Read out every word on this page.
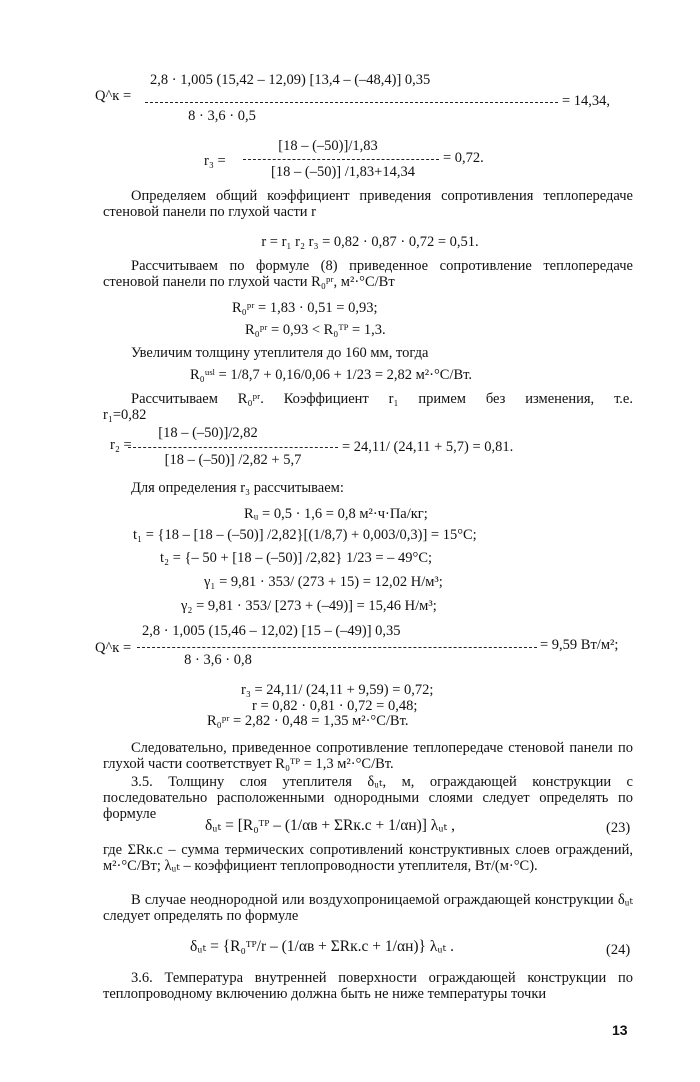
Q^к =
2,8 · 1,005 (15,42 – 12,09) [13,4 – (–48,4)] 0,35
8 · 3,6 · 0,5
= 14,34,
r₃ =
[18 – (–50)]/1,83
[18 – (–50)] /1,83+14,34
= 0,72.
Определяем общий коэффициент приведения сопротивления теплопередаче стеновой панели по глухой части r
r = r₁ r₂ r₃ = 0,82 · 0,87 · 0,72 = 0,51.
Рассчитываем по формуле (8) приведенное сопротивление теплопередаче стеновой панели по глухой части R₀ᵖʳ, м²·°С/Вт
R₀ᵖʳ = 1,83 · 0,51 = 0,93;
R₀ᵖʳ = 0,93 < R₀ᵀᴾ = 1,3.
Увеличим толщину утеплителя до 160 мм, тогда
R₀ᵘˢˡ = 1/8,7 + 0,16/0,06 + 1/23 = 2,82 м²·°С/Вт.
Рассчитываем R₀ᵖʳ. Коэффициент r₁ примем без изменения, т.е.
r₁=0,82
r₂ =
[18 – (–50)]/2,82
[18 – (–50)] /2,82 + 5,7
= 24,11/ (24,11 + 5,7) = 0,81.
Для определения r₃ рассчитываем:
Rᵤ = 0,5 · 1,6 = 0,8 м²·ч·Па/кг;
t₁ = {18 – [18 – (–50)] /2,82}[(1/8,7) + 0,003/0,3)] = 15°С;
t₂ = {– 50 + [18 – (–50)] /2,82} 1/23 = – 49°С;
γ₁ = 9,81 · 353/ (273 + 15) = 12,02 Н/м³;
γ₂ = 9,81 · 353/ [273 + (–49)] = 15,46 Н/м³;
Q^к =
2,8 · 1,005 (15,46 – 12,02) [15 – (–49)] 0,35
8 · 3,6 · 0,8
= 9,59 Вт/м²;
r₃ = 24,11/ (24,11 + 9,59) = 0,72;
r = 0,82 · 0,81 · 0,72 = 0,48;
R₀ᵖʳ = 2,82 · 0,48 = 1,35 м²·°С/Вт.
Следовательно, приведенное сопротивление теплопередаче стеновой панели по глухой части соответствует R₀ᵀᴾ = 1,3 м²·°С/Вт.
3.5. Толщину слоя утеплителя δᵤₜ, м, ограждающей конструкции с последовательно расположенными однородными слоями следует определять по формуле
δᵤₜ = [R₀ᵀᴾ – (1/αв + ΣRк.с + 1/αн)] λᵤₜ ,	(23)
где ΣRк.с – сумма термических сопротивлений конструктивных слоев ограждений, м²·°С/Вт; λᵤₜ – коэффициент теплопроводности утеплителя, Вт/(м·°С).
В случае неоднородной или воздухопроницаемой ограждающей конструкции δᵤₜ следует определять по формуле
δᵤₜ = {R₀ᵀᴾ/r – (1/αв + ΣRк.с + 1/αн)} λᵤₜ .	(24)
3.6. Температура внутренней поверхности ограждающей конструкции по теплопроводному включению должна быть не ниже температуры точки
13
